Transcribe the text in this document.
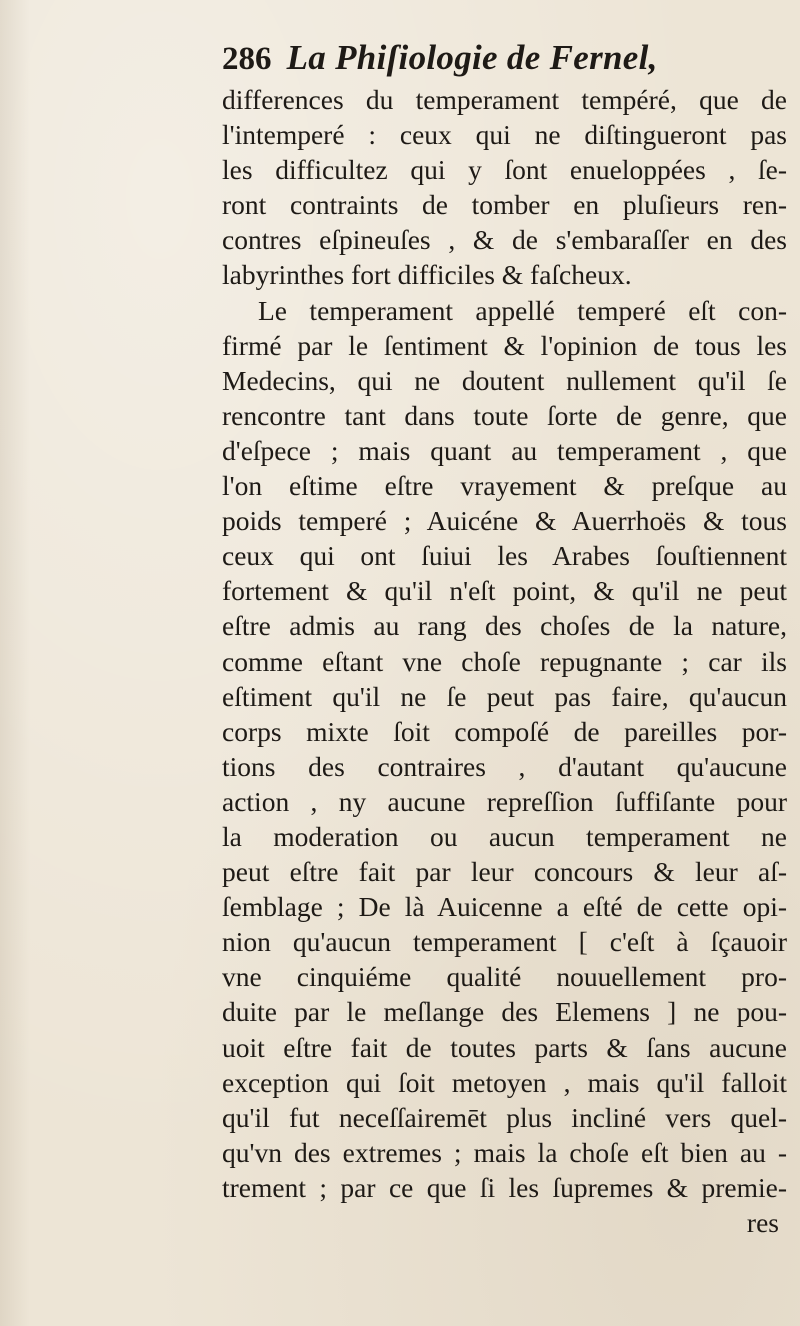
286 La Phiſiologie de Fernel,
differences du temperament tempéré, que de
l'intemperé : ceux qui ne diſtingueront pas
les difficultez qui y ſont enueloppées , ſe-
ront contraints de tomber en pluſieurs ren-
contres eſpineuſes , & de s'embaraſſer en des
labyrinthes fort difficiles & faſcheux.
Le temperament appellé temperé eſt con-
firmé par le ſentiment & l'opinion de tous les
Medecins, qui ne doutent nullement qu'il ſe
rencontre tant dans toute ſorte de genre, que
d'eſpece ; mais quant au temperament , que
l'on eſtime eſtre vrayement & preſque au
poids temperé ; Auicéne & Auerrhoës & tous
ceux qui ont ſuiui les Arabes ſouſtiennent
fortement & qu'il n'eſt point, & qu'il ne peut
eſtre admis au rang des choſes de la nature,
comme eſtant vne choſe repugnante ; car ils
eſtiment qu'il ne ſe peut pas faire, qu'aucun
corps mixte ſoit compoſé de pareilles por-
tions des contraires , d'autant qu'aucune
action , ny aucune repreſſion ſuffiſante pour
la moderation ou aucun temperament ne
peut eſtre fait par leur concours & leur aſ-
ſemblage ; De là Auicenne a eſté de cette opi-
nion qu'aucun temperament [ c'eſt à ſçauoir
vne cinquiéme qualité nouuellement pro-
duite par le meſlange des Elemens ] ne pou-
uoit eſtre fait de toutes parts & ſans aucune
exception qui ſoit metoyen , mais qu'il falloit
qu'il fut neceſſairemēt plus incliné vers quel-
qu'vn des extremes ; mais la choſe eſt bien au -
trement ; par ce que ſi les ſupremes & premie-
res
